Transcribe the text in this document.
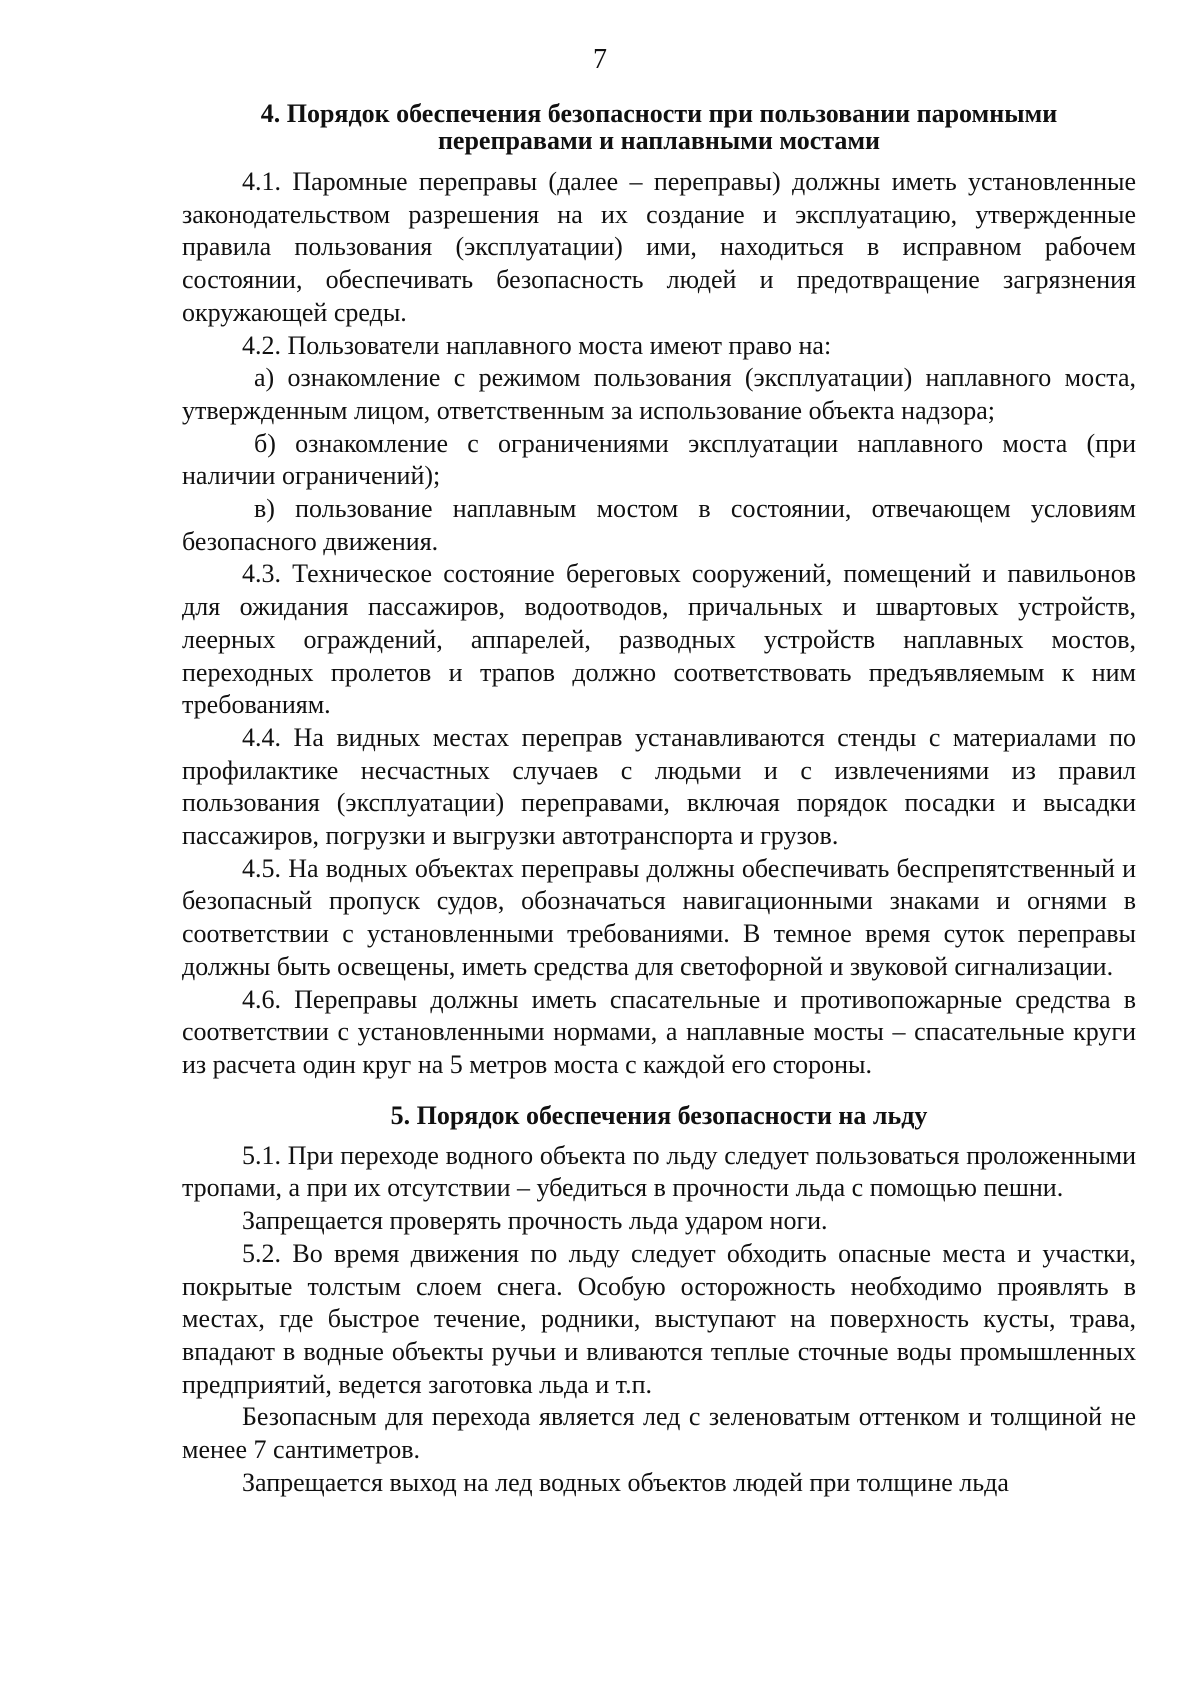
7
4. Порядок обеспечения безопасности при пользовании паромными
переправами и наплавными мостами

4.1. Паромные переправы (далее – переправы) должны иметь установленные законодательством разрешения на их создание и эксплуатацию, утвержденные правила пользования (эксплуатации) ими, находиться в исправном рабочем состоянии, обеспечивать безопасность людей и предотвращение загрязнения окружающей среды.

4.2. Пользователи наплавного моста имеют право на:

а) ознакомление с режимом пользования (эксплуатации) наплавного моста, утвержденным лицом, ответственным за использование объекта надзора;

б) ознакомление с ограничениями эксплуатации наплавного моста (при наличии ограничений);

в) пользование наплавным мостом в состоянии, отвечающем условиям безопасного движения.

4.3. Техническое состояние береговых сооружений, помещений и павильонов для ожидания пассажиров, водоотводов, причальных и швартовых устройств, леерных ограждений, аппарелей, разводных устройств наплавных мостов, переходных пролетов и трапов должно соответствовать предъявляемым к ним требованиям.

4.4. На видных местах переправ устанавливаются стенды с материалами по профилактике несчастных случаев с людьми и с извлечениями из правил пользования (эксплуатации) переправами, включая порядок посадки и высадки пассажиров, погрузки и выгрузки автотранспорта и грузов.

4.5. На водных объектах переправы должны обеспечивать беспрепятственный и безопасный пропуск судов, обозначаться навигационными знаками и огнями в соответствии с установленными требованиями. В темное время суток переправы должны быть освещены, иметь средства для светофорной и звуковой сигнализации.

4.6. Переправы должны иметь спасательные и противопожарные средства в соответствии с установленными нормами, а наплавные мосты – спасательные круги из расчета один круг на 5 метров моста с каждой его стороны.

5. Порядок обеспечения безопасности на льду

5.1. При переходе водного объекта по льду следует пользоваться проложенными тропами, а при их отсутствии – убедиться в прочности льда с помощью пешни.

Запрещается проверять прочность льда ударом ноги.

5.2. Во время движения по льду следует обходить опасные места и участки, покрытые толстым слоем снега. Особую осторожность необходимо проявлять в местах, где быстрое течение, родники, выступают на поверхность кусты, трава, впадают в водные объекты ручьи и вливаются теплые сточные воды промышленных предприятий, ведется заготовка льда и т.п.

Безопасным для перехода является лед с зеленоватым оттенком и толщиной не менее 7 сантиметров.

Запрещается выход на лед водных объектов людей при толщине льда
